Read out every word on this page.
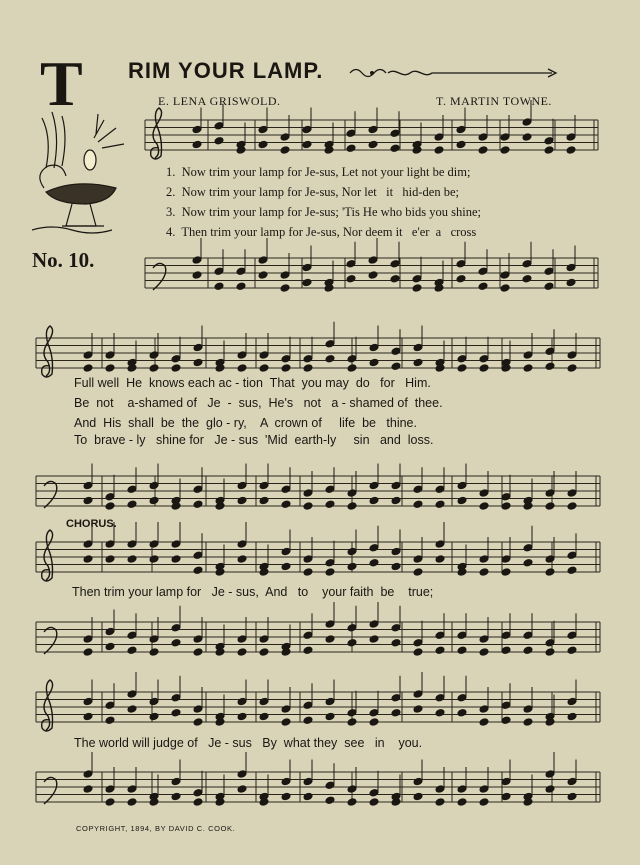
T RIM YOUR LAMP.
E. LENA GRISWOLD.	T. MARTIN TOWNE.
No. 10.
1.  Now trim your lamp for Je-sus, Let not your light be dim;
2.  Now trim your lamp for Je-sus, Nor let   it   hid-den be;
3.  Now trim your lamp for Je-sus; 'Tis He who bids you shine;
4.  Then trim your lamp for Je-sus, Nor deem it   e'er  a   cross
Full well  He  knows each ac - tion  That  you may  do   for   Him.
Be  not    a-shamed of   Je  -  sus,  He's   not   a - shamed of  thee.
And  His  shall  be  the  glo - ry,    A  crown of     life  be   thine.
To  brave - ly   shine for   Je - sus  'Mid  earth-ly     sin   and  loss.
CHORUS.
Then trim your lamp for   Je - sus,  And   to    your faith  be    true;
The world will judge of   Je - sus   By  what they  see   in    you.
COPYRIGHT, 1894, BY DAVID C. COOK.
